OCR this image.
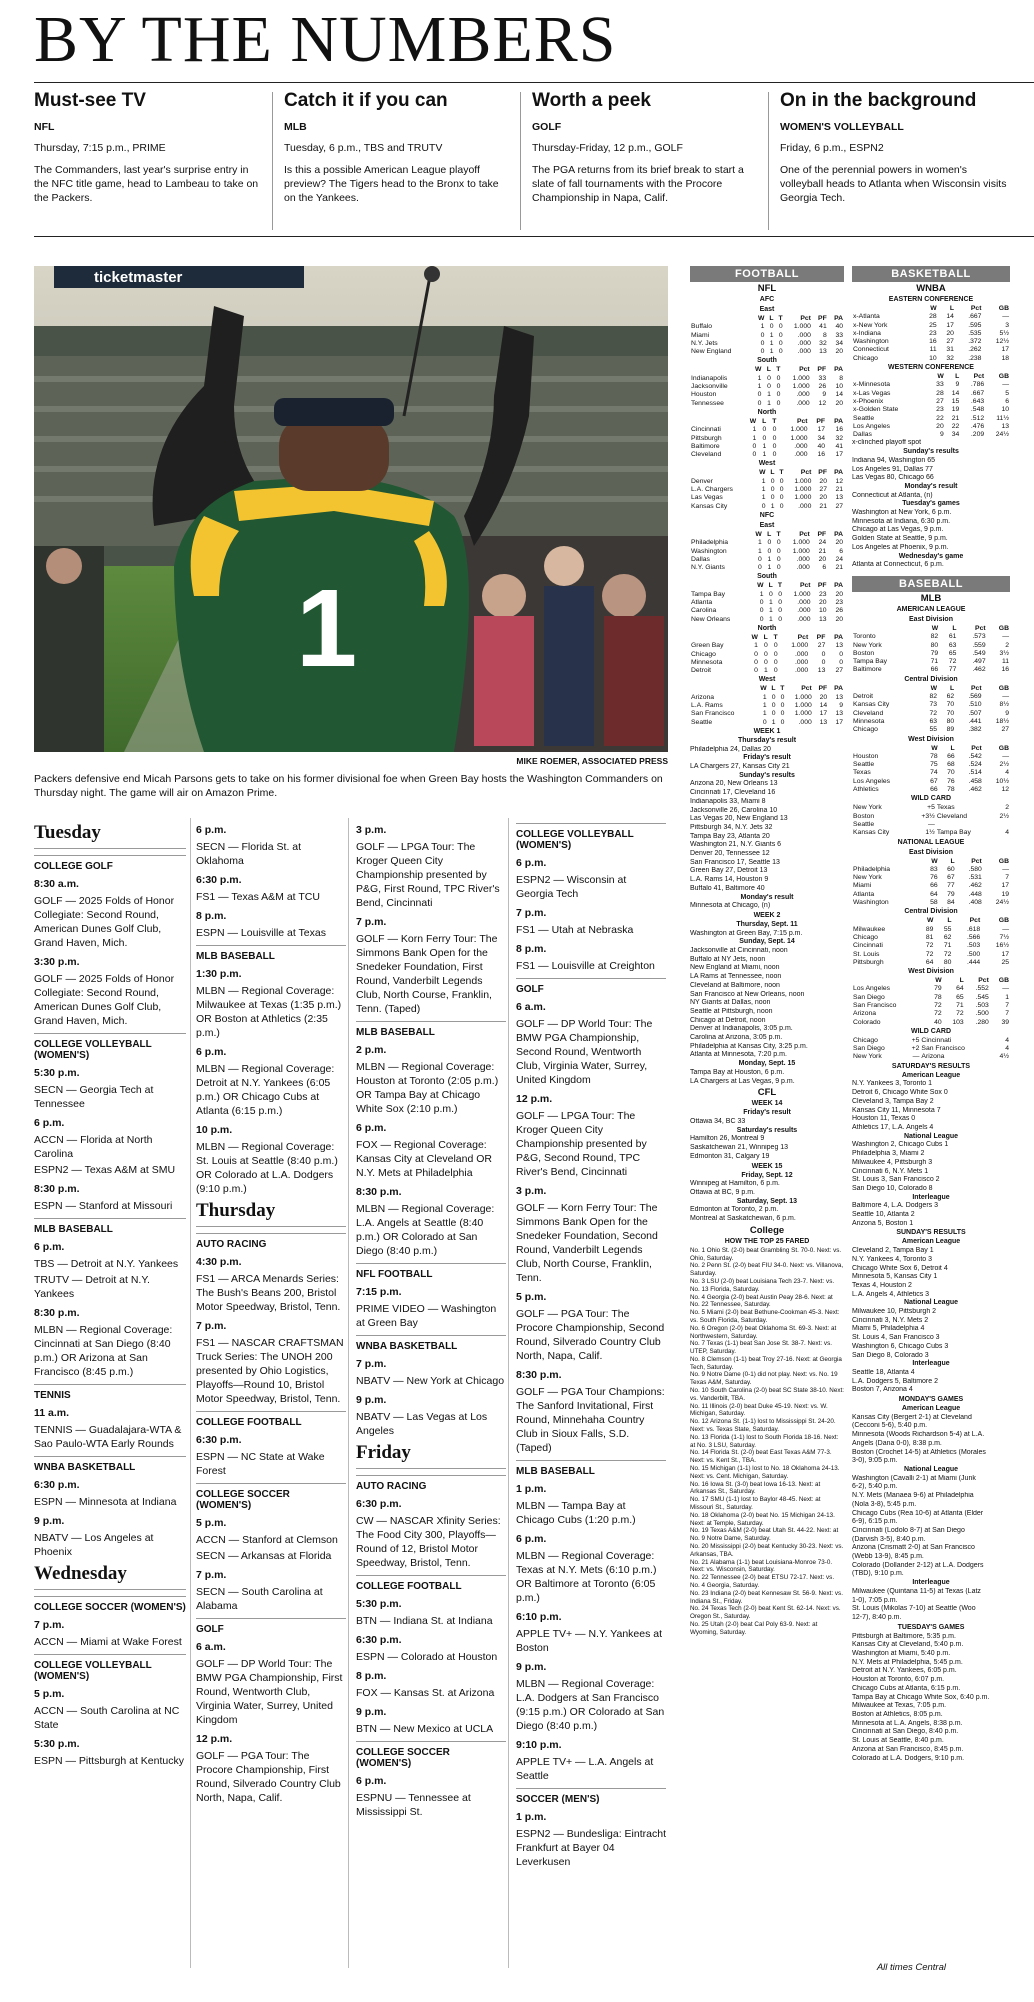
BY THE NUMBERS
Must-see TV
NFL
Thursday, 7:15 p.m., PRIME
The Commanders, last year's surprise entry in the NFC title game, head to Lambeau to take on the Packers.
Catch it if you can
MLB
Tuesday, 6 p.m., TBS and TRUTV
Is this a possible American League playoff preview? The Tigers head to the Bronx to take on the Yankees.
Worth a peek
GOLF
Thursday-Friday, 12 p.m., GOLF
The PGA returns from its brief break to start a slate of fall tournaments with the Procore Championship in Napa, Calif.
On in the background
WOMEN'S VOLLEYBALL
Friday, 6 p.m., ESPN2
One of the perennial powers in women's volleyball heads to Atlanta when Wisconsin visits Georgia Tech.
ticketmaster
1
MIKE ROEMER, ASSOCIATED PRESS
Packers defensive end Micah Parsons gets to take on his former divisional foe when Green Bay hosts the Washington Commanders on Thursday night. The game will air on Amazon Prime.
Tuesday
COLLEGE GOLF
8:30 a.m.
GOLF — 2025 Folds of Honor Collegiate: Second Round, American Dunes Golf Club, Grand Haven, Mich.
3:30 p.m.
GOLF — 2025 Folds of Honor Collegiate: Second Round, American Dunes Golf Club, Grand Haven, Mich.
COLLEGE VOLLEYBALL (WOMEN'S)
5:30 p.m.
SECN — Georgia Tech at Tennessee
6 p.m.
ACCN — Florida at North Carolina
ESPN2 — Texas A&M at SMU
8:30 p.m.
ESPN — Stanford at Missouri
MLB BASEBALL
6 p.m.
TBS — Detroit at N.Y. Yankees
TRUTV — Detroit at N.Y. Yankees
8:30 p.m.
MLBN — Regional Coverage: Cincinnati at San Diego (8:40 p.m.) OR Arizona at San Francisco (8:45 p.m.)
TENNIS
11 a.m.
TENNIS — Guadalajara-WTA & Sao Paulo-WTA Early Rounds
WNBA BASKETBALL
6:30 p.m.
ESPN — Minnesota at Indiana
9 p.m.
NBATV — Los Angeles at Phoenix
Wednesday
COLLEGE SOCCER (WOMEN'S)
7 p.m.
ACCN — Miami at Wake Forest
COLLEGE VOLLEYBALL (WOMEN'S)
5 p.m.
ACCN — South Carolina at NC State
5:30 p.m.
ESPN — Pittsburgh at Kentucky
6 p.m.
SECN — Florida St. at Oklahoma
6:30 p.m.
FS1 — Texas A&M at TCU
8 p.m.
ESPN — Louisville at Texas
MLB BASEBALL
1:30 p.m.
MLBN — Regional Coverage: Milwaukee at Texas (1:35 p.m.) OR Boston at Athletics (2:35 p.m.)
6 p.m.
MLBN — Regional Coverage: Detroit at N.Y. Yankees (6:05 p.m.) OR Chicago Cubs at Atlanta (6:15 p.m.)
10 p.m.
MLBN — Regional Coverage: St. Louis at Seattle (8:40 p.m.) OR Colorado at L.A. Dodgers (9:10 p.m.)
Thursday
AUTO RACING
4:30 p.m.
FS1 — ARCA Menards Series: The Bush's Beans 200, Bristol Motor Speedway, Bristol, Tenn.
7 p.m.
FS1 — NASCAR CRAFTSMAN Truck Series: The UNOH 200 presented by Ohio Logistics, Playoffs—Round 10, Bristol Motor Speedway, Bristol, Tenn.
COLLEGE FOOTBALL
6:30 p.m.
ESPN — NC State at Wake Forest
COLLEGE SOCCER (WOMEN'S)
5 p.m.
ACCN — Stanford at Clemson
SECN — Arkansas at Florida
7 p.m.
SECN — South Carolina at Alabama
GOLF
6 a.m.
GOLF — DP World Tour: The BMW PGA Championship, First Round, Wentworth Club, Virginia Water, Surrey, United Kingdom
12 p.m.
GOLF — PGA Tour: The Procore Championship, First Round, Silverado Country Club North, Napa, Calif.
3 p.m.
GOLF — LPGA Tour: The Kroger Queen City Championship presented by P&G, First Round, TPC River's Bend, Cincinnati
7 p.m.
GOLF — Korn Ferry Tour: The Simmons Bank Open for the Snedeker Foundation, First Round, Vanderbilt Legends Club, North Course, Franklin, Tenn. (Taped)
MLB BASEBALL
2 p.m.
MLBN — Regional Coverage: Houston at Toronto (2:05 p.m.) OR Tampa Bay at Chicago White Sox (2:10 p.m.)
6 p.m.
FOX — Regional Coverage: Kansas City at Cleveland OR N.Y. Mets at Philadelphia
8:30 p.m.
MLBN — Regional Coverage: L.A. Angels at Seattle (8:40 p.m.) OR Colorado at San Diego (8:40 p.m.)
NFL FOOTBALL
7:15 p.m.
PRIME VIDEO — Washington at Green Bay
WNBA BASKETBALL
7 p.m.
NBATV — New York at Chicago
9 p.m.
NBATV — Las Vegas at Los Angeles
Friday
AUTO RACING
6:30 p.m.
CW — NASCAR Xfinity Series: The Food City 300, Playoffs—Round of 12, Bristol Motor Speedway, Bristol, Tenn.
COLLEGE FOOTBALL
5:30 p.m.
BTN — Indiana St. at Indiana
6:30 p.m.
ESPN — Colorado at Houston
8 p.m.
FOX — Kansas St. at Arizona
9 p.m.
BTN — New Mexico at UCLA
COLLEGE SOCCER (WOMEN'S)
6 p.m.
ESPNU — Tennessee at Mississippi St.
COLLEGE VOLLEYBALL (WOMEN'S)
6 p.m.
ESPN2 — Wisconsin at Georgia Tech
7 p.m.
FS1 — Utah at Nebraska
8 p.m.
FS1 — Louisville at Creighton
GOLF
6 a.m.
GOLF — DP World Tour: The BMW PGA Championship, Second Round, Wentworth Club, Virginia Water, Surrey, United Kingdom
12 p.m.
GOLF — LPGA Tour: The Kroger Queen City Championship presented by P&G, Second Round, TPC River's Bend, Cincinnati
3 p.m.
GOLF — Korn Ferry Tour: The Simmons Bank Open for the Snedeker Foundation, Second Round, Vanderbilt Legends Club, North Course, Franklin, Tenn.
5 p.m.
GOLF — PGA Tour: The Procore Championship, Second Round, Silverado Country Club North, Napa, Calif.
8:30 p.m.
GOLF — PGA Tour Champions: The Sanford Invitational, First Round, Minnehaha Country Club in Sioux Falls, S.D. (Taped)
MLB BASEBALL
1 p.m.
MLBN — Tampa Bay at Chicago Cubs (1:20 p.m.)
6 p.m.
MLBN — Regional Coverage: Texas at N.Y. Mets (6:10 p.m.) OR Baltimore at Toronto (6:05 p.m.)
6:10 p.m.
APPLE TV+ — N.Y. Yankees at Boston
9 p.m.
MLBN — Regional Coverage: L.A. Dodgers at San Francisco (9:15 p.m.) OR Colorado at San Diego (8:40 p.m.)
9:10 p.m.
APPLE TV+ — L.A. Angels at Seattle
SOCCER (MEN'S)
1 p.m.
ESPN2 — Bundesliga: Eintracht Frankfurt at Bayer 04 Leverkusen
FOOTBALL
NFL
AFC
East
	W	L	T	Pct	PF	PA
Buffalo	1	0	0	1.000	41	40
Miami	0	1	0	.000	8	33
N.Y. Jets	0	1	0	.000	32	34
New England	0	1	0	.000	13	20
South
	W	L	T	Pct	PF	PA
Indianapolis	1	0	0	1.000	33	8
Jacksonville	1	0	0	1.000	26	10
Houston	0	1	0	.000	9	14
Tennessee	0	1	0	.000	12	20
North
	W	L	T	Pct	PF	PA
Cincinnati	1	0	0	1.000	17	16
Pittsburgh	1	0	0	1.000	34	32
Baltimore	0	1	0	.000	40	41
Cleveland	0	1	0	.000	16	17
West
	W	L	T	Pct	PF	PA
Denver	1	0	0	1.000	20	12
L.A. Chargers	1	0	0	1.000	27	21
Las Vegas	1	0	0	1.000	20	13
Kansas City	0	1	0	.000	21	27
NFC
East
	W	L	T	Pct	PF	PA
Philadelphia	1	0	0	1.000	24	20
Washington	1	0	0	1.000	21	6
Dallas	0	1	0	.000	20	24
N.Y. Giants	0	1	0	.000	6	21
South
	W	L	T	Pct	PF	PA
Tampa Bay	1	0	0	1.000	23	20
Atlanta	0	1	0	.000	20	23
Carolina	0	1	0	.000	10	26
New Orleans	0	1	0	.000	13	20
North
	W	L	T	Pct	PF	PA
Green Bay	1	0	0	1.000	27	13
Chicago	0	0	0	.000	0	0
Minnesota	0	0	0	.000	0	0
Detroit	0	1	0	.000	13	27
West
	W	L	T	Pct	PF	PA
Arizona	1	0	0	1.000	20	13
L.A. Rams	1	0	0	1.000	14	9
San Francisco	1	0	0	1.000	17	13
Seattle	0	1	0	.000	13	17
WEEK 1
Thursday's result
Philadelphia 24, Dallas 20
Friday's result
LA Chargers 27, Kansas City 21
Sunday's results
Arizona 20, New Orleans 13
Cincinnati 17, Cleveland 16
Indianapolis 33, Miami 8
Jacksonville 26, Carolina 10
Las Vegas 20, New England 13
Pittsburgh 34, N.Y. Jets 32
Tampa Bay 23, Atlanta 20
Washington 21, N.Y. Giants 6
Denver 20, Tennessee 12
San Francisco 17, Seattle 13
Green Bay 27, Detroit 13
L.A. Rams 14, Houston 9
Buffalo 41, Baltimore 40
Monday's result
Minnesota at Chicago, (n)
WEEK 2
Thursday, Sept. 11
Washington at Green Bay, 7:15 p.m.
Sunday, Sept. 14
Jacksonville at Cincinnati, noon
Buffalo at NY Jets, noon
New England at Miami, noon
LA Rams at Tennessee, noon
Cleveland at Baltimore, noon
San Francisco at New Orleans, noon
NY Giants at Dallas, noon
Seattle at Pittsburgh, noon
Chicago at Detroit, noon
Denver at Indianapolis, 3:05 p.m.
Carolina at Arizona, 3:05 p.m.
Philadelphia at Kansas City, 3:25 p.m.
Atlanta at Minnesota, 7:20 p.m.
Monday, Sept. 15
Tampa Bay at Houston, 6 p.m.
LA Chargers at Las Vegas, 9 p.m.
CFL
WEEK 14
Friday's result
Ottawa 34, BC 33
Saturday's results
Hamilton 26, Montreal 9
Saskatchewan 21, Winnipeg 13
Edmonton 31, Calgary 19
WEEK 15
Friday, Sept. 12
Winnipeg at Hamilton, 6 p.m.
Ottawa at BC, 9 p.m.
Saturday, Sept. 13
Edmonton at Toronto, 2 p.m.
Montreal at Saskatchewan, 6 p.m.
College
HOW THE TOP 25 FARED
No. 1 Ohio St. (2-0) beat Grambling St. 70-0. Next: vs. Ohio, Saturday.
No. 2 Penn St. (2-0) beat FIU 34-0. Next: vs. Villanova, Saturday.
No. 3 LSU (2-0) beat Louisiana Tech 23-7. Next: vs. No. 13 Florida, Saturday.
No. 4 Georgia (2-0) beat Austin Peay 28-6. Next: at No. 22 Tennessee, Saturday.
No. 5 Miami (2-0) beat Bethune-Cookman 45-3. Next: vs. South Florida, Saturday.
No. 6 Oregon (2-0) beat Oklahoma St. 69-3. Next: at Northwestern, Saturday.
No. 7 Texas (1-1) beat San Jose St. 38-7. Next: vs. UTEP, Saturday.
No. 8 Clemson (1-1) beat Troy 27-16. Next: at Georgia Tech, Saturday.
No. 9 Notre Dame (0-1) did not play. Next: vs. No. 19 Texas A&M, Saturday.
No. 10 South Carolina (2-0) beat SC State 38-10. Next: vs. Vanderbilt, TBA.
No. 11 Illinois (2-0) beat Duke 45-19. Next: vs. W. Michigan, Saturday.
No. 12 Arizona St. (1-1) lost to Mississippi St. 24-20. Next: vs. Texas State, Saturday.
No. 13 Florida (1-1) lost to South Florida 18-16. Next: at No. 3 LSU, Saturday.
No. 14 Florida St. (2-0) beat East Texas A&M 77-3. Next: vs. Kent St., TBA.
No. 15 Michigan (1-1) lost to No. 18 Oklahoma 24-13. Next: vs. Cent. Michigan, Saturday.
No. 16 Iowa St. (3-0) beat Iowa 16-13. Next: at Arkansas St., Saturday.
No. 17 SMU (1-1) lost to Baylor 48-45. Next: at Missouri St., Saturday.
No. 18 Oklahoma (2-0) beat No. 15 Michigan 24-13. Next: at Temple, Saturday.
No. 19 Texas A&M (2-0) beat Utah St. 44-22. Next: at No. 9 Notre Dame, Saturday.
No. 20 Mississippi (2-0) beat Kentucky 30-23. Next: vs. Arkansas, TBA.
No. 21 Alabama (1-1) beat Louisiana-Monroe 73-0. Next: vs. Wisconsin, Saturday.
No. 22 Tennessee (2-0) beat ETSU 72-17. Next: vs. No. 4 Georgia, Saturday.
No. 23 Indiana (2-0) beat Kennesaw St. 56-9. Next: vs. Indiana St., Friday.
No. 24 Texas Tech (2-0) beat Kent St. 62-14. Next: vs. Oregon St., Saturday.
No. 25 Utah (2-0) beat Cal Poly 63-9. Next: at Wyoming, Saturday.
BASKETBALL
WNBA
EASTERN CONFERENCE
	W	L	Pct	GB
x-Atlanta	28	14	.667	—
x-New York	25	17	.595	3
x-Indiana	23	20	.535	5½
Washington	16	27	.372	12½
Connecticut	11	31	.262	17
Chicago	10	32	.238	18
WESTERN CONFERENCE
	W	L	Pct	GB
x-Minnesota	33	9	.786	—
x-Las Vegas	28	14	.667	5
x-Phoenix	27	15	.643	6
x-Golden State	23	19	.548	10
Seattle	22	21	.512	11½
Los Angeles	20	22	.476	13
Dallas	9	34	.209	24½
x-clinched playoff spot
Sunday's results
Indiana 94, Washington 65
Los Angeles 91, Dallas 77
Las Vegas 80, Chicago 66
Monday's result
Connecticut at Atlanta, (n)
Tuesday's games
Washington at New York, 6 p.m.
Minnesota at Indiana, 6:30 p.m.
Chicago at Las Vegas, 9 p.m.
Golden State at Seattle, 9 p.m.
Los Angeles at Phoenix, 9 p.m.
Wednesday's game
Atlanta at Connecticut, 6 p.m.
BASEBALL
MLB
AMERICAN LEAGUE
East Division
	W	L	Pct	GB
Toronto	82	61	.573	—
New York	80	63	.559	2
Boston	79	65	.549	3½
Tampa Bay	71	72	.497	11
Baltimore	66	77	.462	16
Central Division
	W	L	Pct	GB
Detroit	82	62	.569	—
Kansas City	73	70	.510	8½
Cleveland	72	70	.507	9
Minnesota	63	80	.441	18½
Chicago	55	89	.382	27
West Division
	W	L	Pct	GB
Houston	78	66	.542	—
Seattle	75	68	.524	2½
Texas	74	70	.514	4
Los Angeles	67	76	.458	10½
Athletics	66	78	.462	12
WILD CARD
New York	+5	Texas	2
Boston	+3½	Cleveland	2½
Seattle	—		
Kansas City	1½	Tampa Bay	4
NATIONAL LEAGUE
East Division
	W	L	Pct	GB
Philadelphia	83	60	.580	—
New York	76	67	.531	7
Miami	66	77	.462	17
Atlanta	64	79	.448	19
Washington	58	84	.408	24½
Central Division
	W	L	Pct	GB
Milwaukee	89	55	.618	—
Chicago	81	62	.566	7½
Cincinnati	72	71	.503	16½
St. Louis	72	72	.500	17
Pittsburgh	64	80	.444	25
West Division
	W	L	Pct	GB
Los Angeles	79	64	.552	—
San Diego	78	65	.545	1
San Francisco	72	71	.503	7
Arizona	72	72	.500	7
Colorado	40	103	.280	39
WILD CARD
Chicago	+5	Cincinnati	4
San Diego	+2	San Francisco	4
New York	—	Arizona	4½
SATURDAY'S RESULTS
American League
N.Y. Yankees 3, Toronto 1
Detroit 6, Chicago White Sox 0
Cleveland 3, Tampa Bay 2
Kansas City 11, Minnesota 7
Houston 11, Texas 0
Athletics 17, L.A. Angels 4
National League
Washington 2, Chicago Cubs 1
Philadelphia 3, Miami 2
Milwaukee 4, Pittsburgh 3
Cincinnati 6, N.Y. Mets 1
St. Louis 3, San Francisco 2
San Diego 10, Colorado 8
Interleague
Baltimore 4, L.A. Dodgers 3
Seattle 10, Atlanta 2
Arizona 5, Boston 1
SUNDAY'S RESULTS
American League
Cleveland 2, Tampa Bay 1
N.Y. Yankees 4, Toronto 3
Chicago White Sox 6, Detroit 4
Minnesota 5, Kansas City 1
Texas 4, Houston 2
L.A. Angels 4, Athletics 3
National League
Milwaukee 10, Pittsburgh 2
Cincinnati 3, N.Y. Mets 2
Miami 5, Philadelphia 4
St. Louis 4, San Francisco 3
Washington 6, Chicago Cubs 3
San Diego 8, Colorado 3
Interleague
Seattle 18, Atlanta 4
L.A. Dodgers 5, Baltimore 2
Boston 7, Arizona 4
MONDAY'S GAMES
American League
Kansas City (Bergert 2-1) at Cleveland
(Cecconi 5-6), 5:40 p.m.
Minnesota (Woods Richardson 5-4) at L.A.
Angels (Dana 0-0), 8:38 p.m.
Boston (Crochet 14-5) at Athletics (Morales
3-0), 9:05 p.m.
National League
Washington (Cavalli 2-1) at Miami (Junk
6-2), 5:40 p.m.
N.Y. Mets (Manaea 9-6) at Philadelphia
(Nola 3-8), 5:45 p.m.
Chicago Cubs (Rea 10-6) at Atlanta (Elder
6-9), 6:15 p.m.
Cincinnati (Lodolo 8-7) at San Diego
(Darvish 3-5), 8:40 p.m.
Arizona (Crismatt 2-0) at San Francisco
(Webb 13-9), 8:45 p.m.
Colorado (Dollander 2-12) at L.A. Dodgers
(TBD), 9:10 p.m.
Interleague
Milwaukee (Quintana 11-5) at Texas (Latz
1-0), 7:05 p.m.
St. Louis (Mikolas 7-10) at Seattle (Woo
12-7), 8:40 p.m.
TUESDAY'S GAMES
Pittsburgh at Baltimore, 5:35 p.m.
Kansas City at Cleveland, 5:40 p.m.
Washington at Miami, 5:40 p.m.
N.Y. Mets at Philadelphia, 5:45 p.m.
Detroit at N.Y. Yankees, 6:05 p.m.
Houston at Toronto, 6:07 p.m.
Chicago Cubs at Atlanta, 6:15 p.m.
Tampa Bay at Chicago White Sox, 6:40 p.m.
Milwaukee at Texas, 7:05 p.m.
Boston at Athletics, 8:05 p.m.
Minnesota at L.A. Angels, 8:38 p.m.
Cincinnati at San Diego, 8:40 p.m.
St. Louis at Seattle, 8:40 p.m.
Arizona at San Francisco, 8:45 p.m.
Colorado at L.A. Dodgers, 9:10 p.m.
All times Central
